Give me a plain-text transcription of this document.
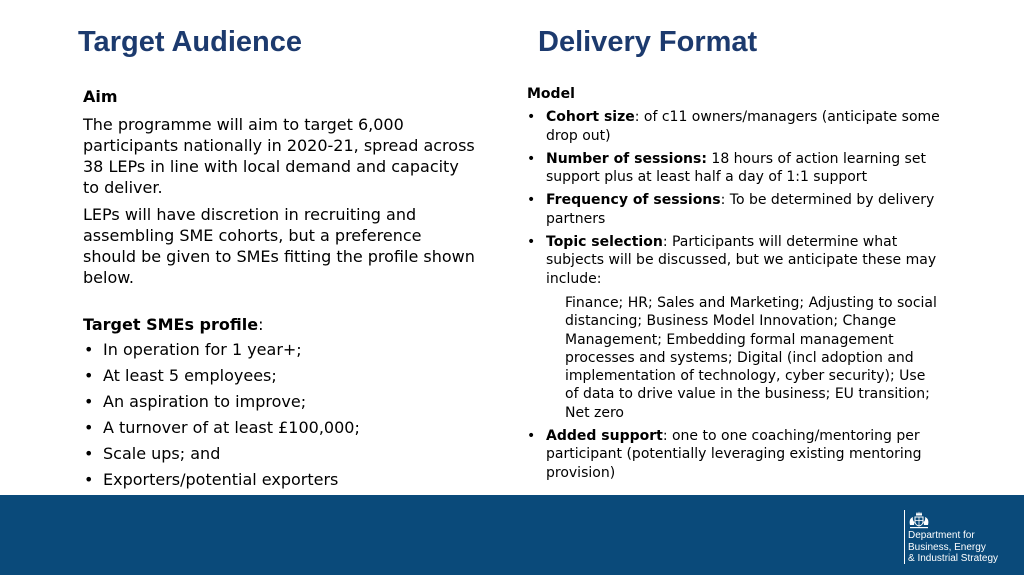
Target Audience	Delivery Format

Aim

The programme will aim to target 6,000 participants nationally in 2020-21, spread across 38 LEPs in line with local demand and capacity to deliver.

LEPs will have discretion in recruiting and assembling SME cohorts, but a preference should be given to SMEs fitting the profile shown below.

Target SMEs profile:

• In operation for 1 year+;
• At least 5 employees;
• An aspiration to improve;
• A turnover of at least £100,000;
• Scale ups; and
• Exporters/potential exporters

Model

• Cohort size: of c11 owners/managers (anticipate some drop out)
• Number of sessions: 18 hours of action learning set support plus at least half a day of 1:1 support
• Frequency of sessions: To be determined by delivery partners
• Topic selection: Participants will determine what subjects will be discussed, but we anticipate these may include:
Finance; HR; Sales and Marketing; Adjusting to social distancing; Business Model Innovation; Change Management; Embedding formal management processes and systems; Digital (incl adoption and implementation of technology, cyber security); Use of data to drive value in the business; EU transition; Net zero
• Added support: one to one coaching/mentoring per participant (potentially leveraging existing mentoring provision)
Department for
Business, Energy
& Industrial Strategy
